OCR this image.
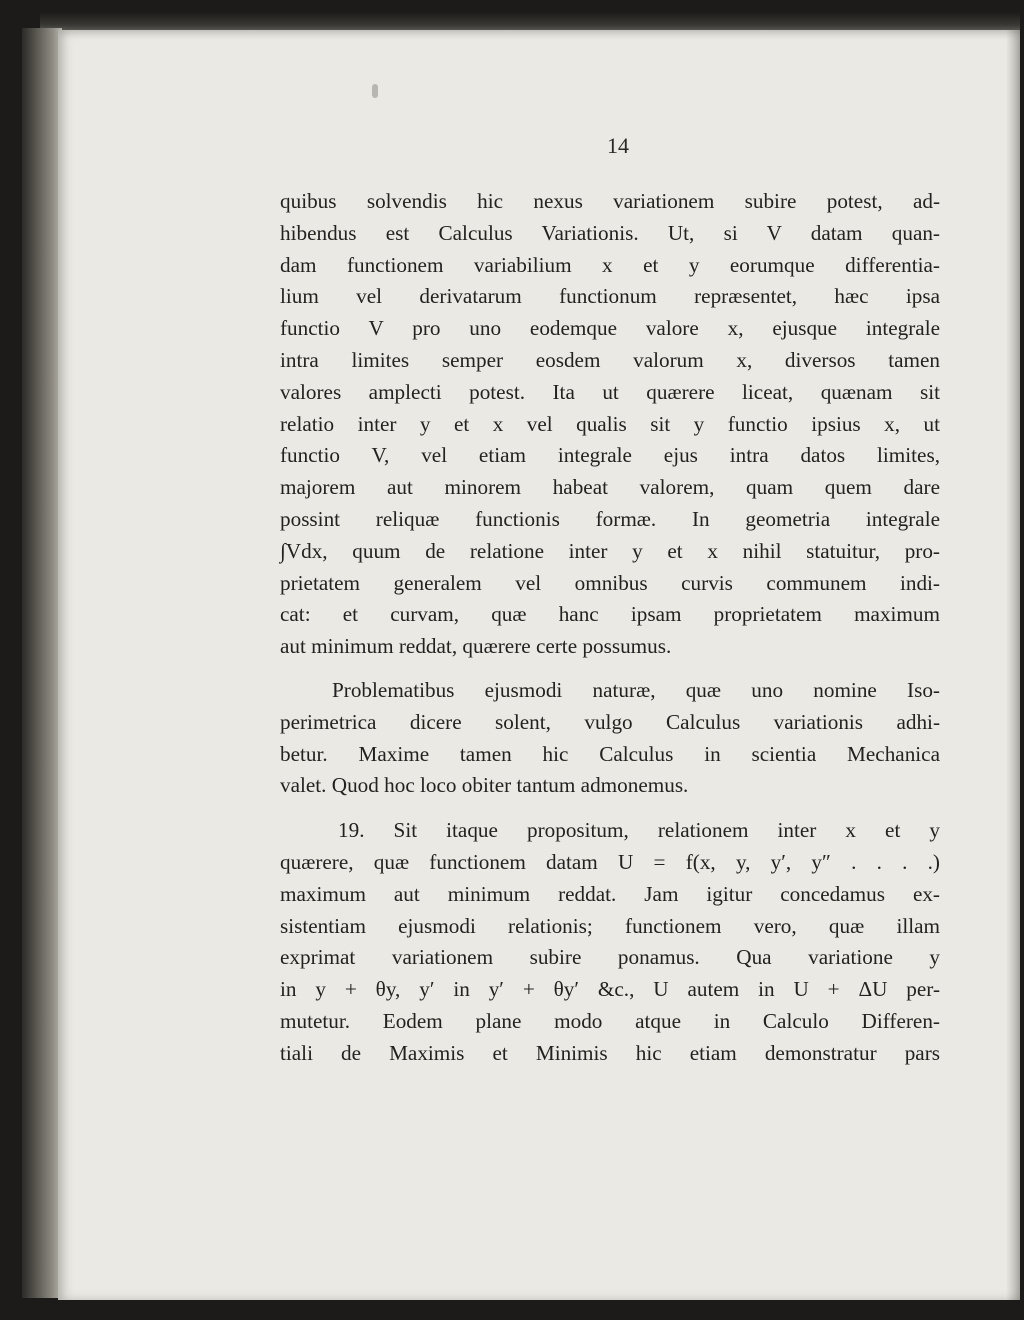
14
quibus solvendis hic nexus variationem subire potest, ad-
hibendus est Calculus Variationis. Ut, si V datam quan-
dam functionem variabilium x et y eorumque differentia-
lium vel derivatarum functionum repræsentet, hæc ipsa
functio V pro uno eodemque valore x, ejusque integrale
intra limites semper eosdem valorum x, diversos tamen
valores amplecti potest. Ita ut quærere liceat, quænam sit
relatio inter y et x vel qualis sit y functio ipsius x, ut
functio V, vel etiam integrale ejus intra datos limites,
majorem aut minorem habeat valorem, quam quem dare
possint reliquæ functionis formæ. In geometria integrale
∫Vdx, quum de relatione inter y et x nihil statuitur, pro-
prietatem generalem vel omnibus curvis communem indi-
cat: et curvam, quæ hanc ipsam proprietatem maximum
aut minimum reddat, quærere certe possumus.
Problematibus ejusmodi naturæ, quæ uno nomine Iso-
perimetrica dicere solent, vulgo Calculus variationis adhi-
betur. Maxime tamen hic Calculus in scientia Mechanica
valet. Quod hoc loco obiter tantum admonemus.
19. Sit itaque propositum, relationem inter x et y
quærere, quæ functionem datam U = f(x, y, y′, y″ . . . .)
maximum aut minimum reddat. Jam igitur concedamus ex-
sistentiam ejusmodi relationis; functionem vero, quæ illam
exprimat variationem subire ponamus. Qua variatione y
in y + θy, y′ in y′ + θy′ &c., U autem in U + ΔU per-
mutetur. Eodem plane modo atque in Calculo Differen-
tiali de Maximis et Minimis hic etiam demonstratur pars
